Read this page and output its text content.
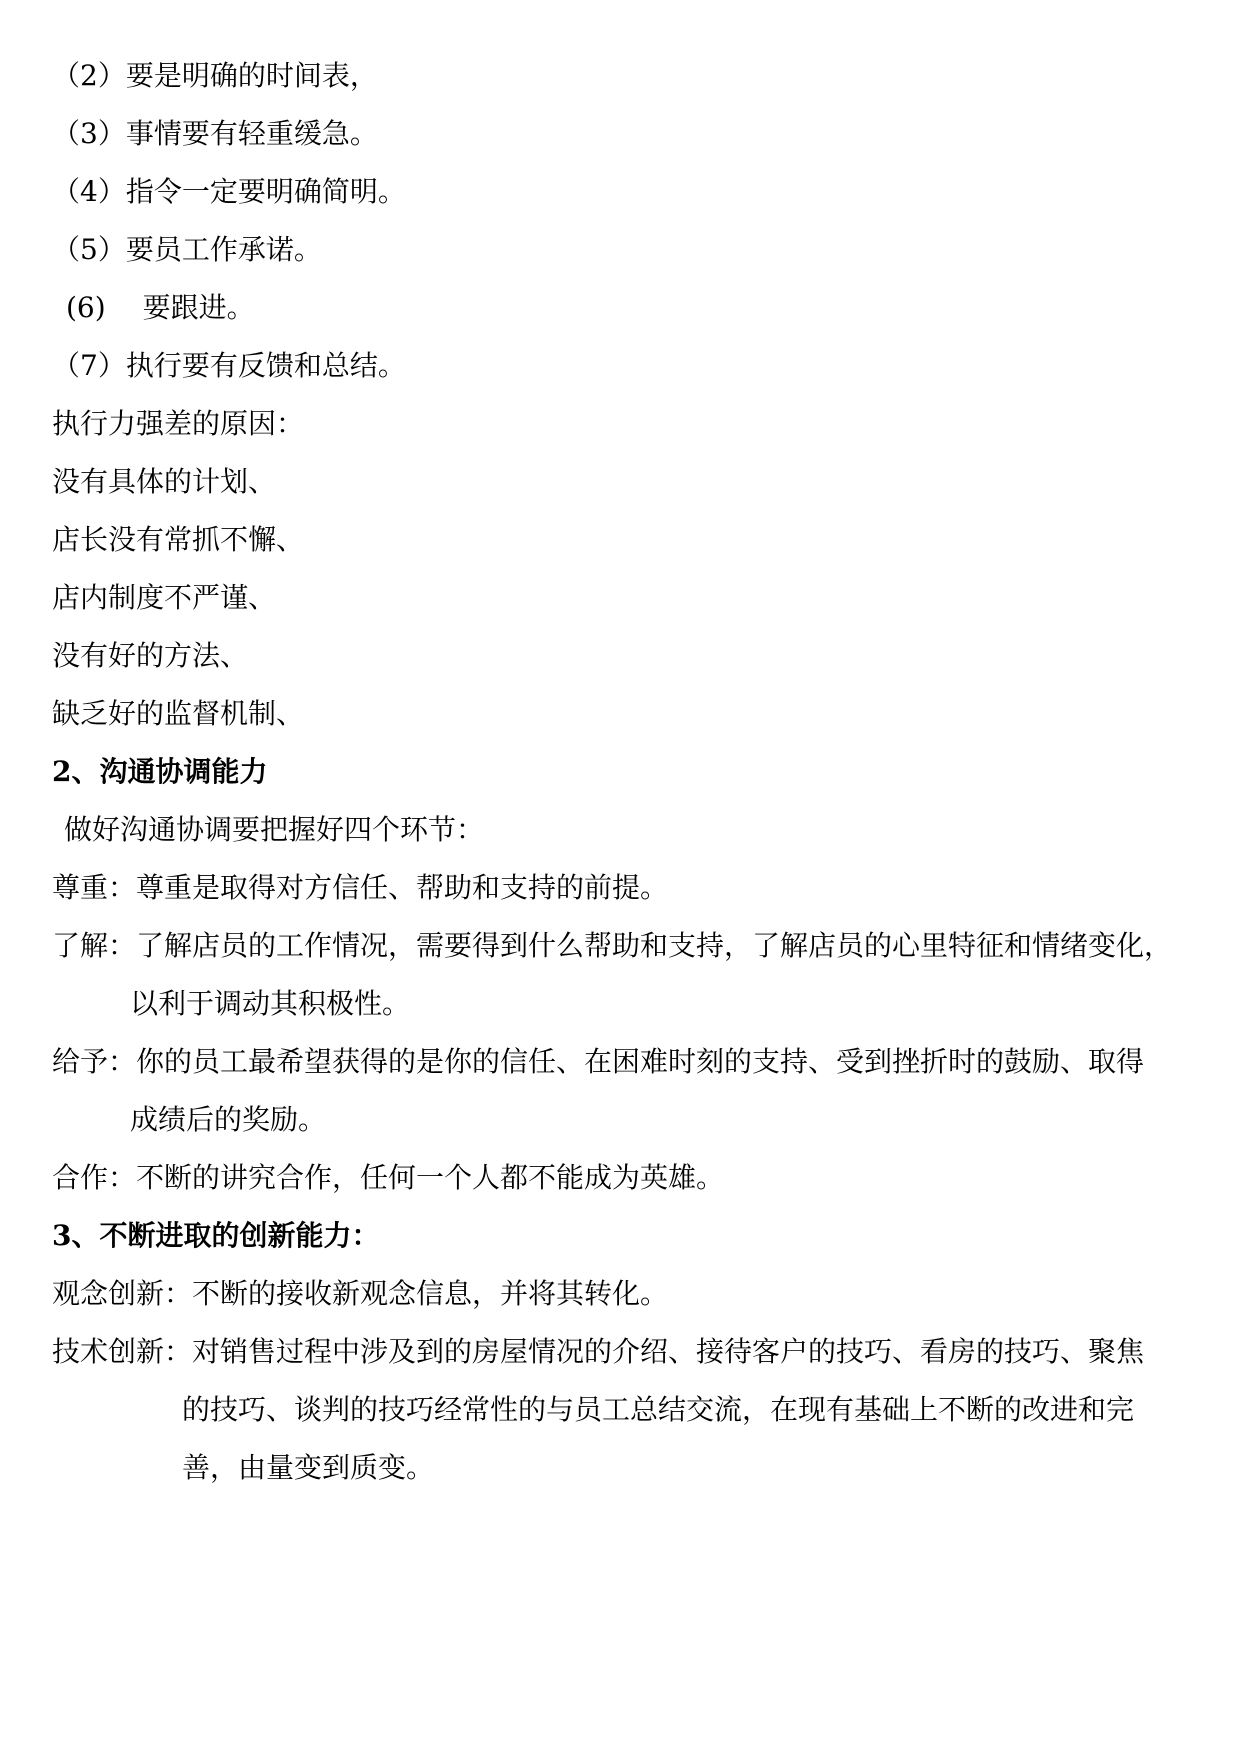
（2）要是明确的时间表，
（3）事情要有轻重缓急。
（4）指令一定要明确简明。
（5）要员工作承诺。
(6)　 要跟进。
（7）执行要有反馈和总结。
执行力强差的原因：
没有具体的计划、
店长没有常抓不懈、
店内制度不严谨、
没有好的方法、
缺乏好的监督机制、
2、沟通协调能力
做好沟通协调要把握好四个环节：
尊重：尊重是取得对方信任、帮助和支持的前提。
了解：了解店员的工作情况，需要得到什么帮助和支持，了解店员的心里特征和情绪变化，
以利于调动其积极性。
给予：你的员工最希望获得的是你的信任、在困难时刻的支持、受到挫折时的鼓励、取得
成绩后的奖励。
合作：不断的讲究合作，任何一个人都不能成为英雄。
3、不断进取的创新能力：
观念创新：不断的接收新观念信息，并将其转化。
技术创新：对销售过程中涉及到的房屋情况的介绍、接待客户的技巧、看房的技巧、聚焦
的技巧、谈判的技巧经常性的与员工总结交流，在现有基础上不断的改进和完
善，由量变到质变。
